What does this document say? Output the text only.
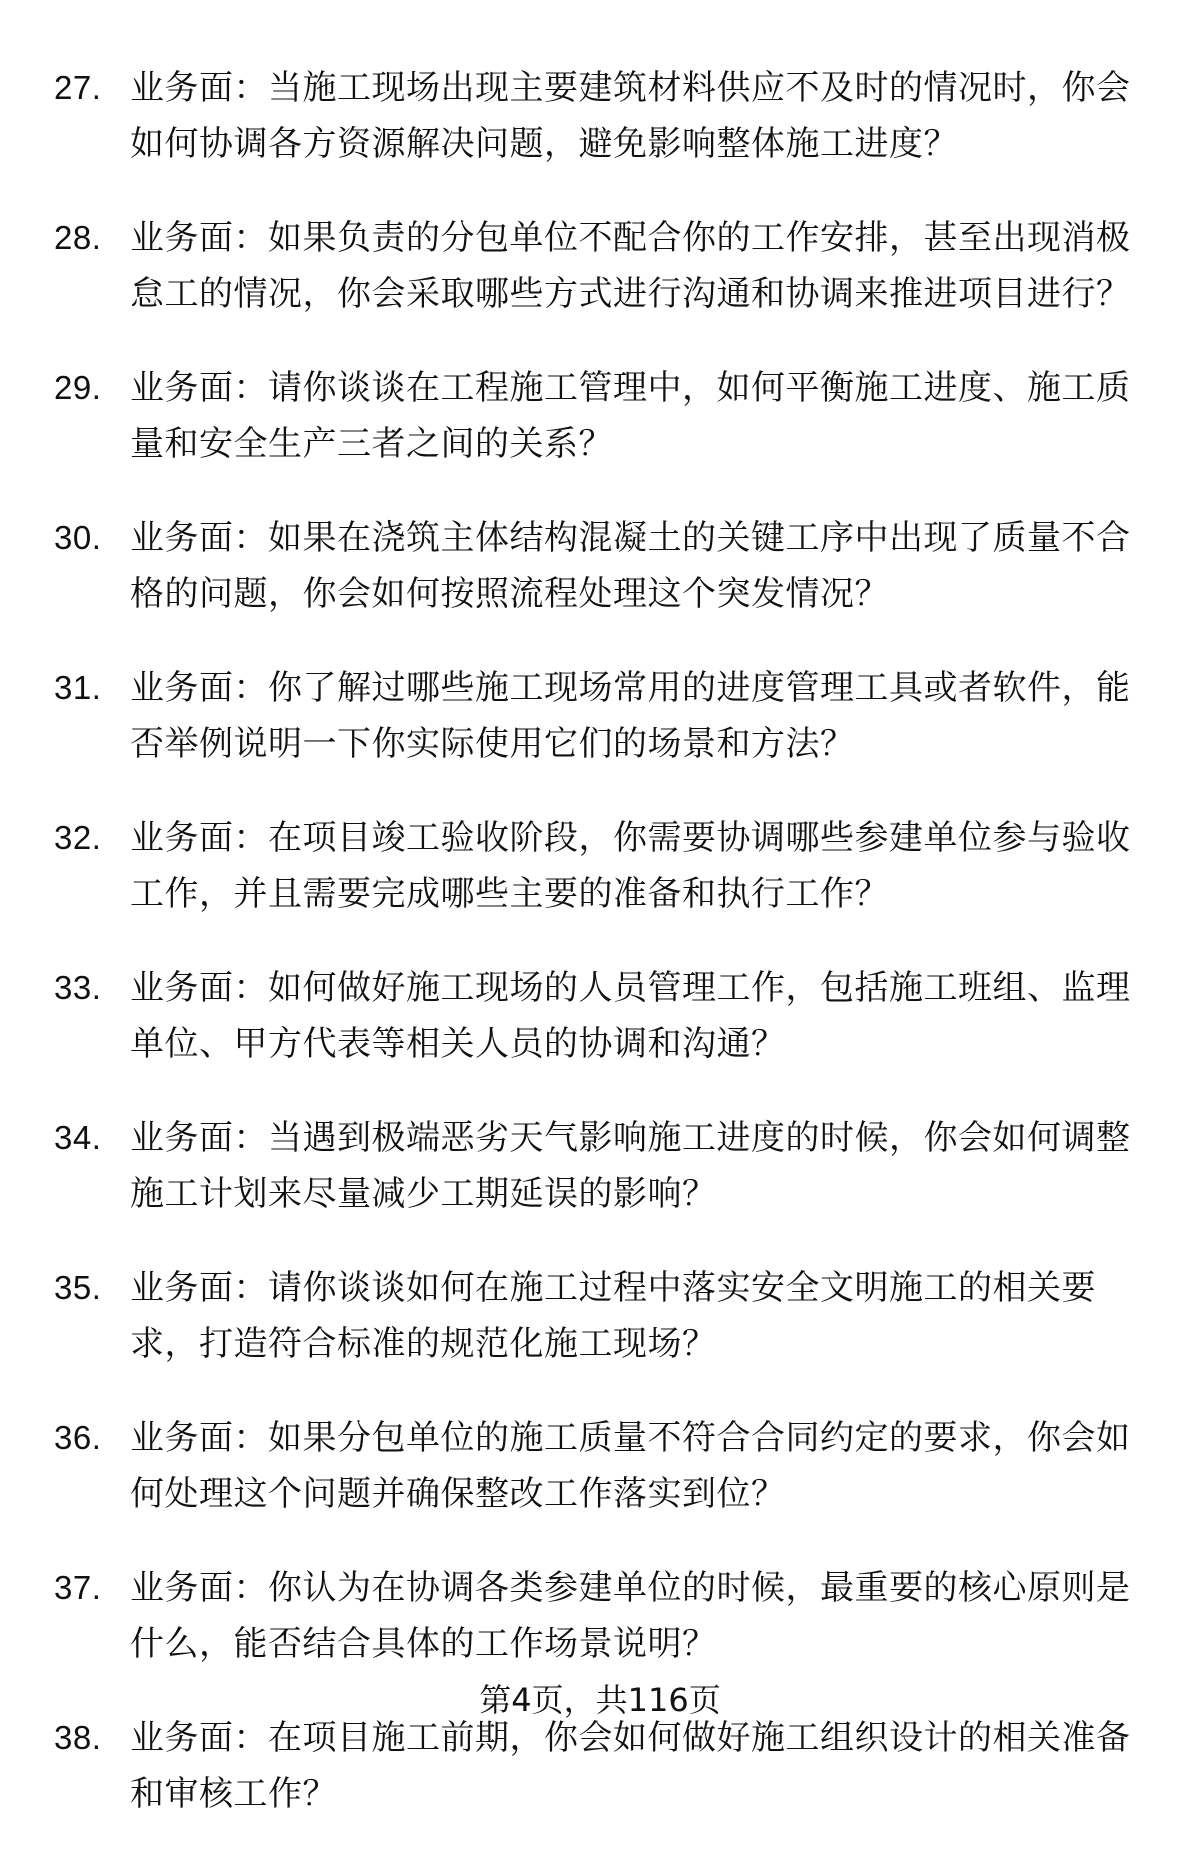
27. 业务面：当施工现场出现主要建筑材料供应不及时的情况时，你会如何协调各方资源解决问题，避免影响整体施工进度？
28. 业务面：如果负责的分包单位不配合你的工作安排，甚至出现消极怠工的情况，你会采取哪些方式进行沟通和协调来推进项目进行？
29. 业务面：请你谈谈在工程施工管理中，如何平衡施工进度、施工质量和安全生产三者之间的关系？
30. 业务面：如果在浇筑主体结构混凝土的关键工序中出现了质量不合格的问题，你会如何按照流程处理这个突发情况？
31. 业务面：你了解过哪些施工现场常用的进度管理工具或者软件，能否举例说明一下你实际使用它们的场景和方法？
32. 业务面：在项目竣工验收阶段，你需要协调哪些参建单位参与验收工作，并且需要完成哪些主要的准备和执行工作？
33. 业务面：如何做好施工现场的人员管理工作，包括施工班组、监理单位、甲方代表等相关人员的协调和沟通？
34. 业务面：当遇到极端恶劣天气影响施工进度的时候，你会如何调整施工计划来尽量减少工期延误的影响？
35. 业务面：请你谈谈如何在施工过程中落实安全文明施工的相关要求，打造符合标准的规范化施工现场？
36. 业务面：如果分包单位的施工质量不符合合同约定的要求，你会如何处理这个问题并确保整改工作落实到位？
37. 业务面：你认为在协调各类参建单位的时候，最重要的核心原则是什么，能否结合具体的工作场景说明？
38. 业务面：在项目施工前期，你会如何做好施工组织设计的相关准备和审核工作？
第4页，共116页
